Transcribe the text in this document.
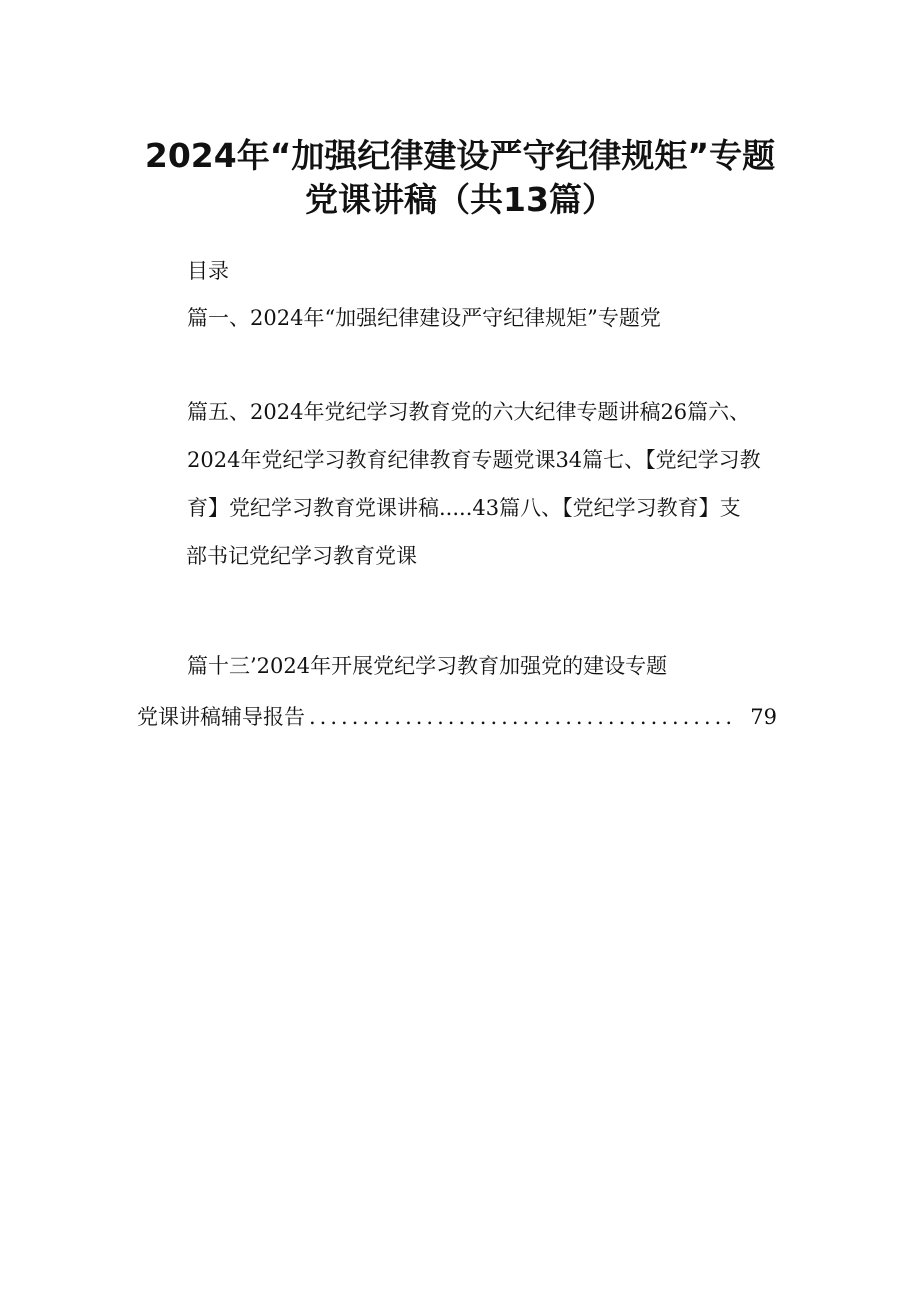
2024年“加强纪律建设严守纪律规矩”专题
党课讲稿（共13篇）
目录
篇一、2024年“加强纪律建设严守纪律规矩”专题党
篇五、2024年党纪学习教育党的六大纪律专题讲稿26篇六、
2024年党纪学习教育纪律教育专题党课34篇七、【党纪学习教
育】党纪学习教育党课讲稿.....43篇八、【党纪学习教育】支
部书记党纪学习教育党课
篇十三’2024年开展党纪学习教育加强党的建设专题
党课讲稿辅导报告 ........................................ 79
